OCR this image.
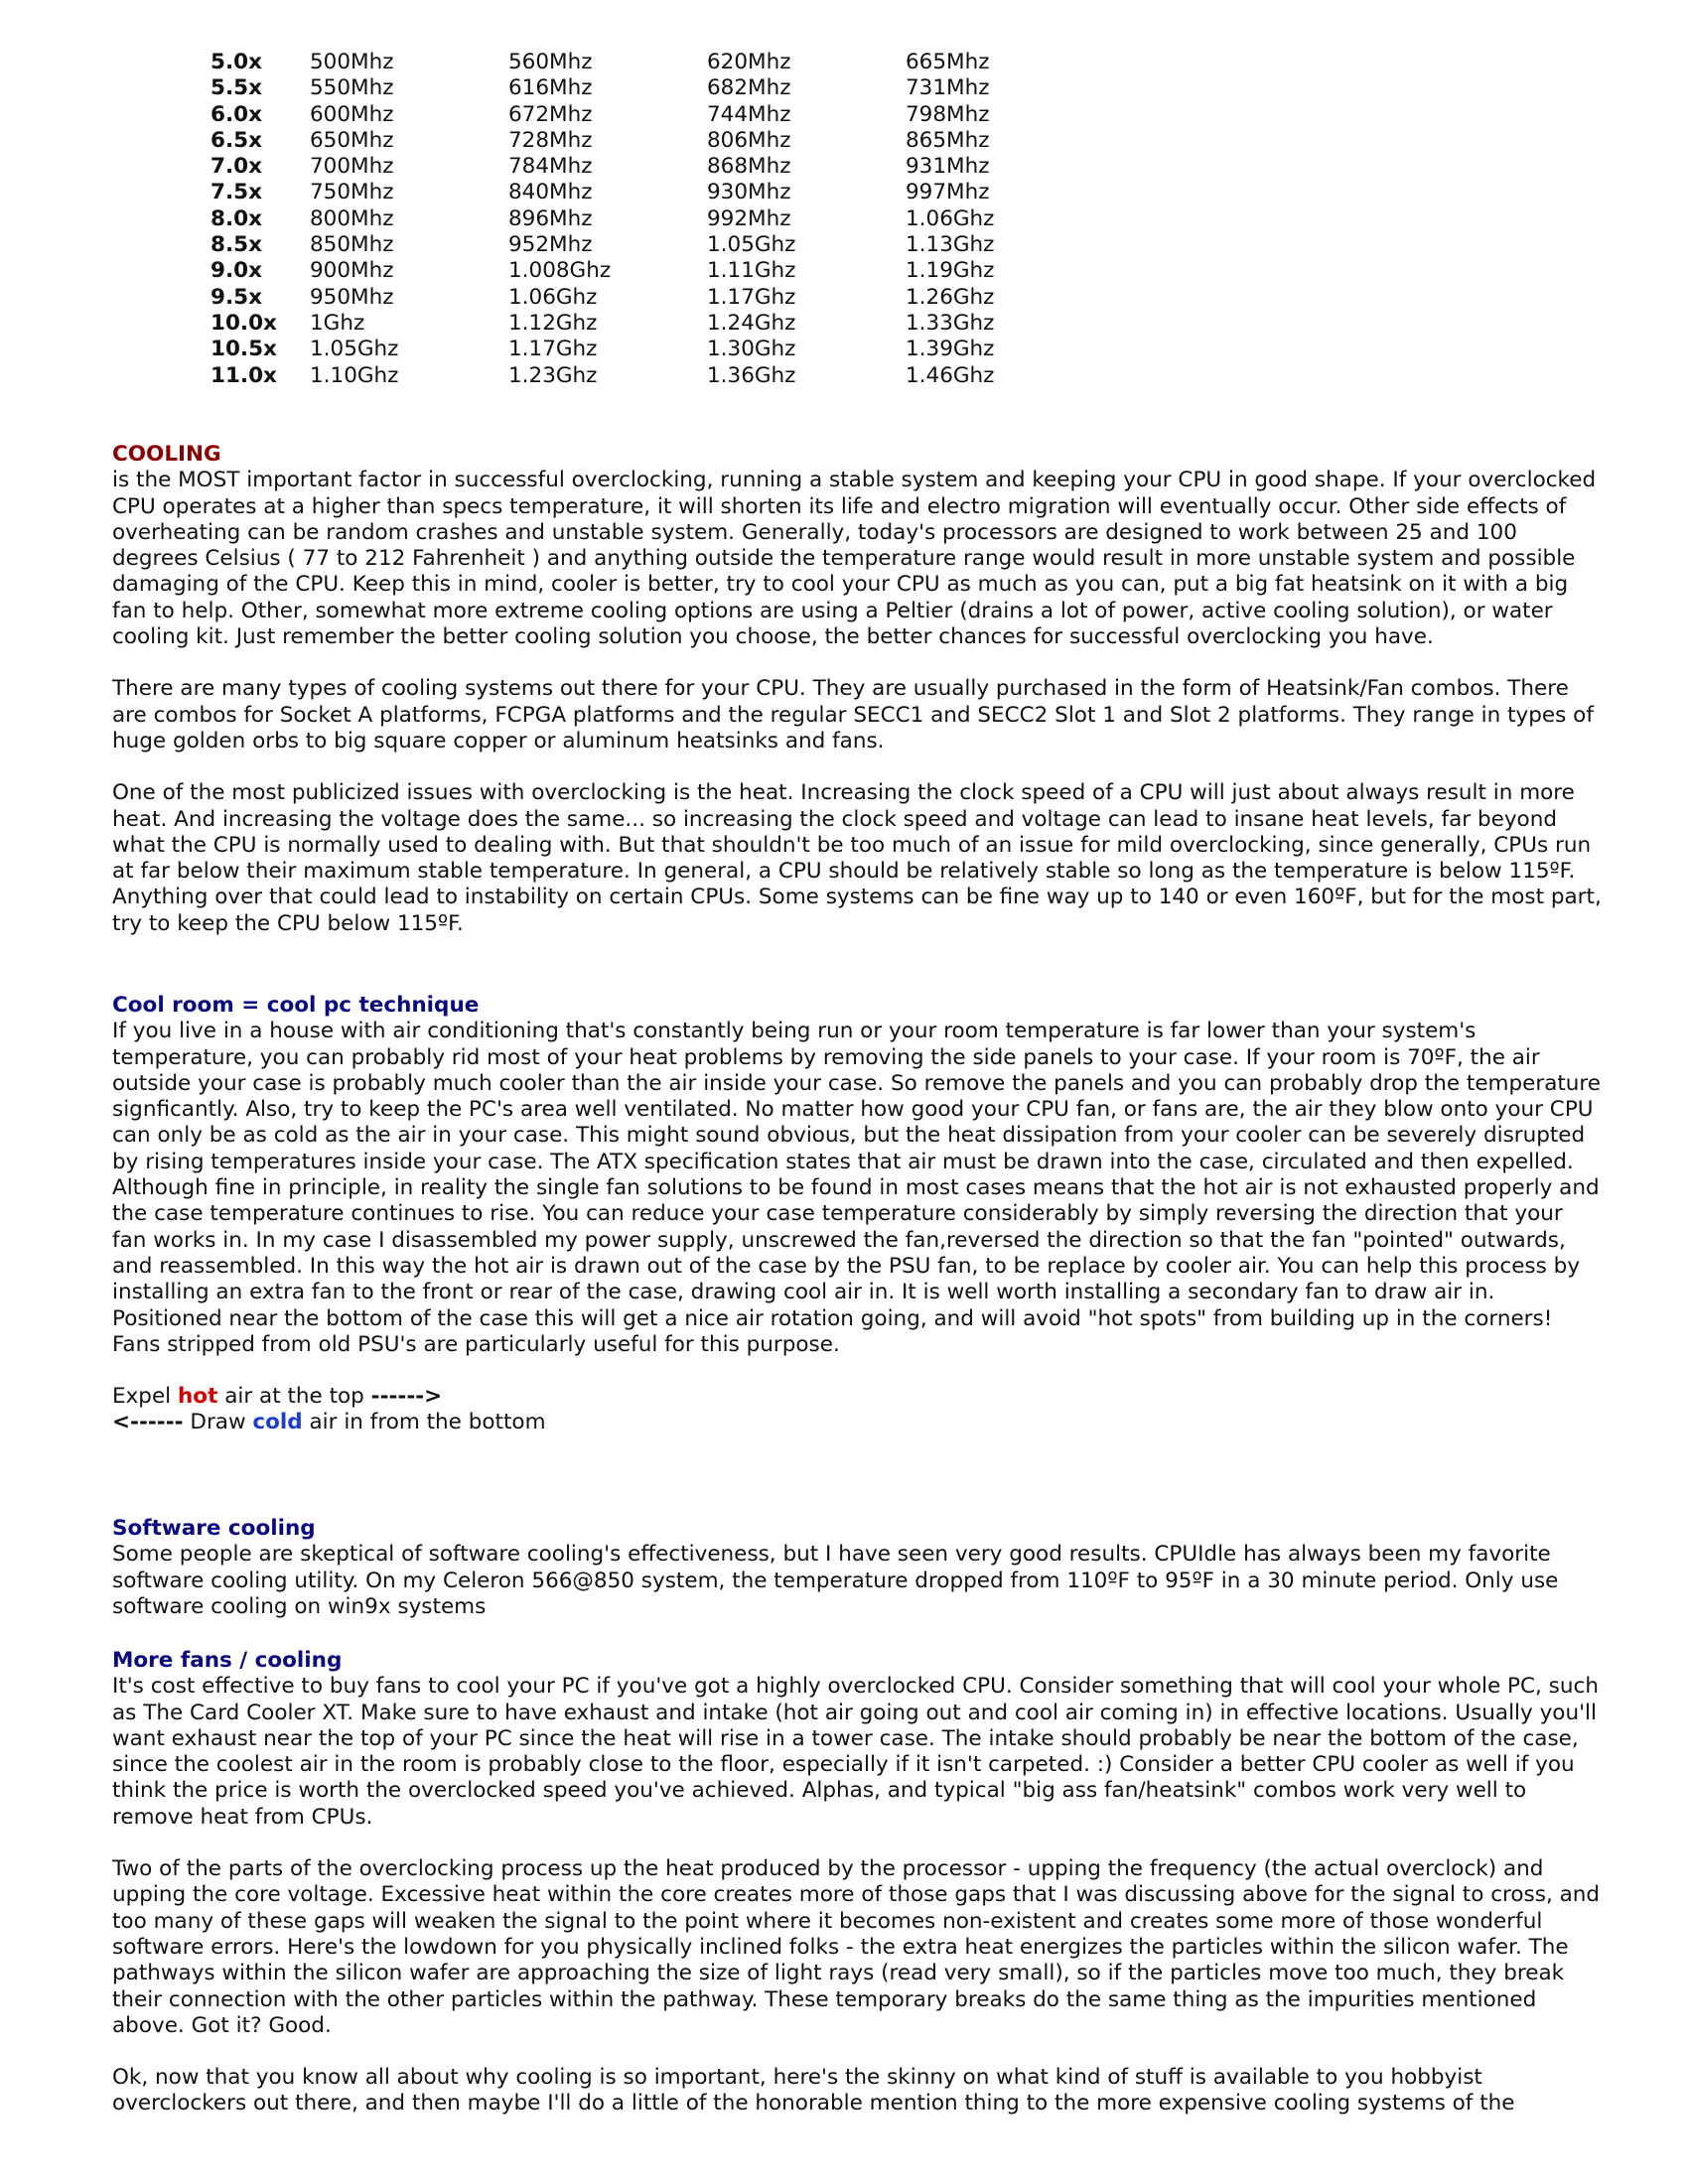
5.0x	500Mhz	560Mhz	620Mhz	665Mhz
5.5x	550Mhz	616Mhz	682Mhz	731Mhz
6.0x	600Mhz	672Mhz	744Mhz	798Mhz
6.5x	650Mhz	728Mhz	806Mhz	865Mhz
7.0x	700Mhz	784Mhz	868Mhz	931Mhz
7.5x	750Mhz	840Mhz	930Mhz	997Mhz
8.0x	800Mhz	896Mhz	992Mhz	1.06Ghz
8.5x	850Mhz	952Mhz	1.05Ghz	1.13Ghz
9.0x	900Mhz	1.008Ghz	1.11Ghz	1.19Ghz
9.5x	950Mhz	1.06Ghz	1.17Ghz	1.26Ghz
10.0x	1Ghz	1.12Ghz	1.24Ghz	1.33Ghz
10.5x	1.05Ghz	1.17Ghz	1.30Ghz	1.39Ghz
11.0x	1.10Ghz	1.23Ghz	1.36Ghz	1.46Ghz
COOLING

is the MOST important factor in successful overclocking, running a stable system and keeping your CPU in good shape. If your overclocked CPU operates at a higher than specs temperature, it will shorten its life and electro migration will eventually occur. Other side effects of overheating can be random crashes and unstable system. Generally, today's processors are designed to work between 25 and 100 degrees Celsius ( 77 to 212 Fahrenheit ) and anything outside the temperature range would result in more unstable system and possible damaging of the CPU. Keep this in mind, cooler is better, try to cool your CPU as much as you can, put a big fat heatsink on it with a big fan to help. Other, somewhat more extreme cooling options are using a Peltier (drains a lot of power, active cooling solution), or water cooling kit. Just remember the better cooling solution you choose, the better chances for successful overclocking you have.

There are many types of cooling systems out there for your CPU. They are usually purchased in the form of Heatsink/Fan combos. There are combos for Socket A platforms, FCPGA platforms and the regular SECC1 and SECC2 Slot 1 and Slot 2 platforms. They range in types of huge golden orbs to big square copper or aluminum heatsinks and fans.

One of the most publicized issues with overclocking is the heat. Increasing the clock speed of a CPU will just about always result in more heat. And increasing the voltage does the same... so increasing the clock speed and voltage can lead to insane heat levels, far beyond what the CPU is normally used to dealing with. But that shouldn't be too much of an issue for mild overclocking, since generally, CPUs run at far below their maximum stable temperature. In general, a CPU should be relatively stable so long as the temperature is below 115ºF. Anything over that could lead to instability on certain CPUs. Some systems can be fine way up to 140 or even 160ºF, but for the most part, try to keep the CPU below 115ºF.

Cool room = cool pc technique

If you live in a house with air conditioning that's constantly being run or your room temperature is far lower than your system's temperature, you can probably rid most of your heat problems by removing the side panels to your case. If your room is 70ºF, the air outside your case is probably much cooler than the air inside your case. So remove the panels and you can probably drop the temperature signficantly. Also, try to keep the PC's area well ventilated. No matter how good your CPU fan, or fans are, the air they blow onto your CPU can only be as cold as the air in your case. This might sound obvious, but the heat dissipation from your cooler can be severely disrupted by rising temperatures inside your case. The ATX specification states that air must be drawn into the case, circulated and then expelled. Although fine in principle, in reality the single fan solutions to be found in most cases means that the hot air is not exhausted properly and the case temperature continues to rise. You can reduce your case temperature considerably by simply reversing the direction that your fan works in. In my case I disassembled my power supply, unscrewed the fan,reversed the direction so that the fan "pointed" outwards, and reassembled. In this way the hot air is drawn out of the case by the PSU fan, to be replace by cooler air. You can help this process by installing an extra fan to the front or rear of the case, drawing cool air in. It is well worth installing a secondary fan to draw air in. Positioned near the bottom of the case this will get a nice air rotation going, and will avoid "hot spots" from building up in the corners! Fans stripped from old PSU's are particularly useful for this purpose.

Expel hot air at the top ------>

<------ Draw cold air in from the bottom

Software cooling

Some people are skeptical of software cooling's effectiveness, but I have seen very good results. CPUIdle has always been my favorite software cooling utility. On my Celeron 566@850 system, the temperature dropped from 110ºF to 95ºF in a 30 minute period. Only use software cooling on win9x systems

More fans / cooling

It's cost effective to buy fans to cool your PC if you've got a highly overclocked CPU. Consider something that will cool your whole PC, such as The Card Cooler XT. Make sure to have exhaust and intake (hot air going out and cool air coming in) in effective locations. Usually you'll want exhaust near the top of your PC since the heat will rise in a tower case. The intake should probably be near the bottom of the case, since the coolest air in the room is probably close to the floor, especially if it isn't carpeted. :) Consider a better CPU cooler as well if you think the price is worth the overclocked speed you've achieved. Alphas, and typical "big ass fan/heatsink" combos work very well to remove heat from CPUs.

Two of the parts of the overclocking process up the heat produced by the processor - upping the frequency (the actual overclock) and upping the core voltage. Excessive heat within the core creates more of those gaps that I was discussing above for the signal to cross, and too many of these gaps will weaken the signal to the point where it becomes non-existent and creates some more of those wonderful software errors. Here's the lowdown for you physically inclined folks - the extra heat energizes the particles within the silicon wafer. The pathways within the silicon wafer are approaching the size of light rays (read very small), so if the particles move too much, they break their connection with the other particles within the pathway. These temporary breaks do the same thing as the impurities mentioned above. Got it? Good.

Ok, now that you know all about why cooling is so important, here's the skinny on what kind of stuff is available to you hobbyist overclockers out there, and then maybe I'll do a little of the honorable mention thing to the more expensive cooling systems of the
